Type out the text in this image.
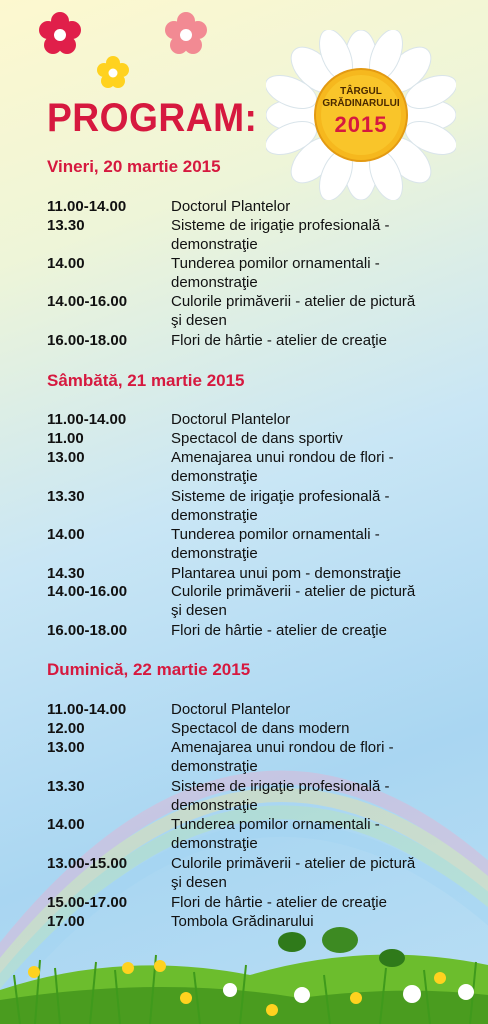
TÂRGUL
GRĂDINARULUI
2015
PROGRAM:
Vineri, 20 martie 2015
11.00-14.00	Doctorul Plantelor
13.30	Sisteme de irigaţie profesională -
demonstraţie
14.00	Tunderea pomilor ornamentali -
demonstraţie
14.00-16.00	Culorile primăverii - atelier de pictură
şi desen
16.00-18.00	Flori de hârtie - atelier de creaţie
Sâmbătă, 21 martie 2015
11.00-14.00	Doctorul Plantelor
11.00	Spectacol de dans sportiv
13.00	Amenajarea unui rondou de flori -
demonstraţie
13.30	Sisteme de irigaţie profesională -
demonstraţie
14.00	Tunderea pomilor ornamentali -
demonstraţie
14.30	Plantarea unui pom - demonstraţie
14.00-16.00	Culorile primăverii - atelier de pictură
şi desen
16.00-18.00	Flori de hârtie - atelier de creaţie
Duminică, 22 martie 2015
11.00-14.00	Doctorul Plantelor
12.00	Spectacol de dans modern
13.00	Amenajarea unui rondou de flori -
demonstraţie
13.30	Sisteme de irigaţie profesională -
demonstraţie
14.00	Tunderea pomilor ornamentali -
demonstraţie
13.00-15.00	Culorile primăverii - atelier de pictură
şi desen
15.00-17.00	Flori de hârtie - atelier de creaţie
17.00	Tombola Grădinarului
